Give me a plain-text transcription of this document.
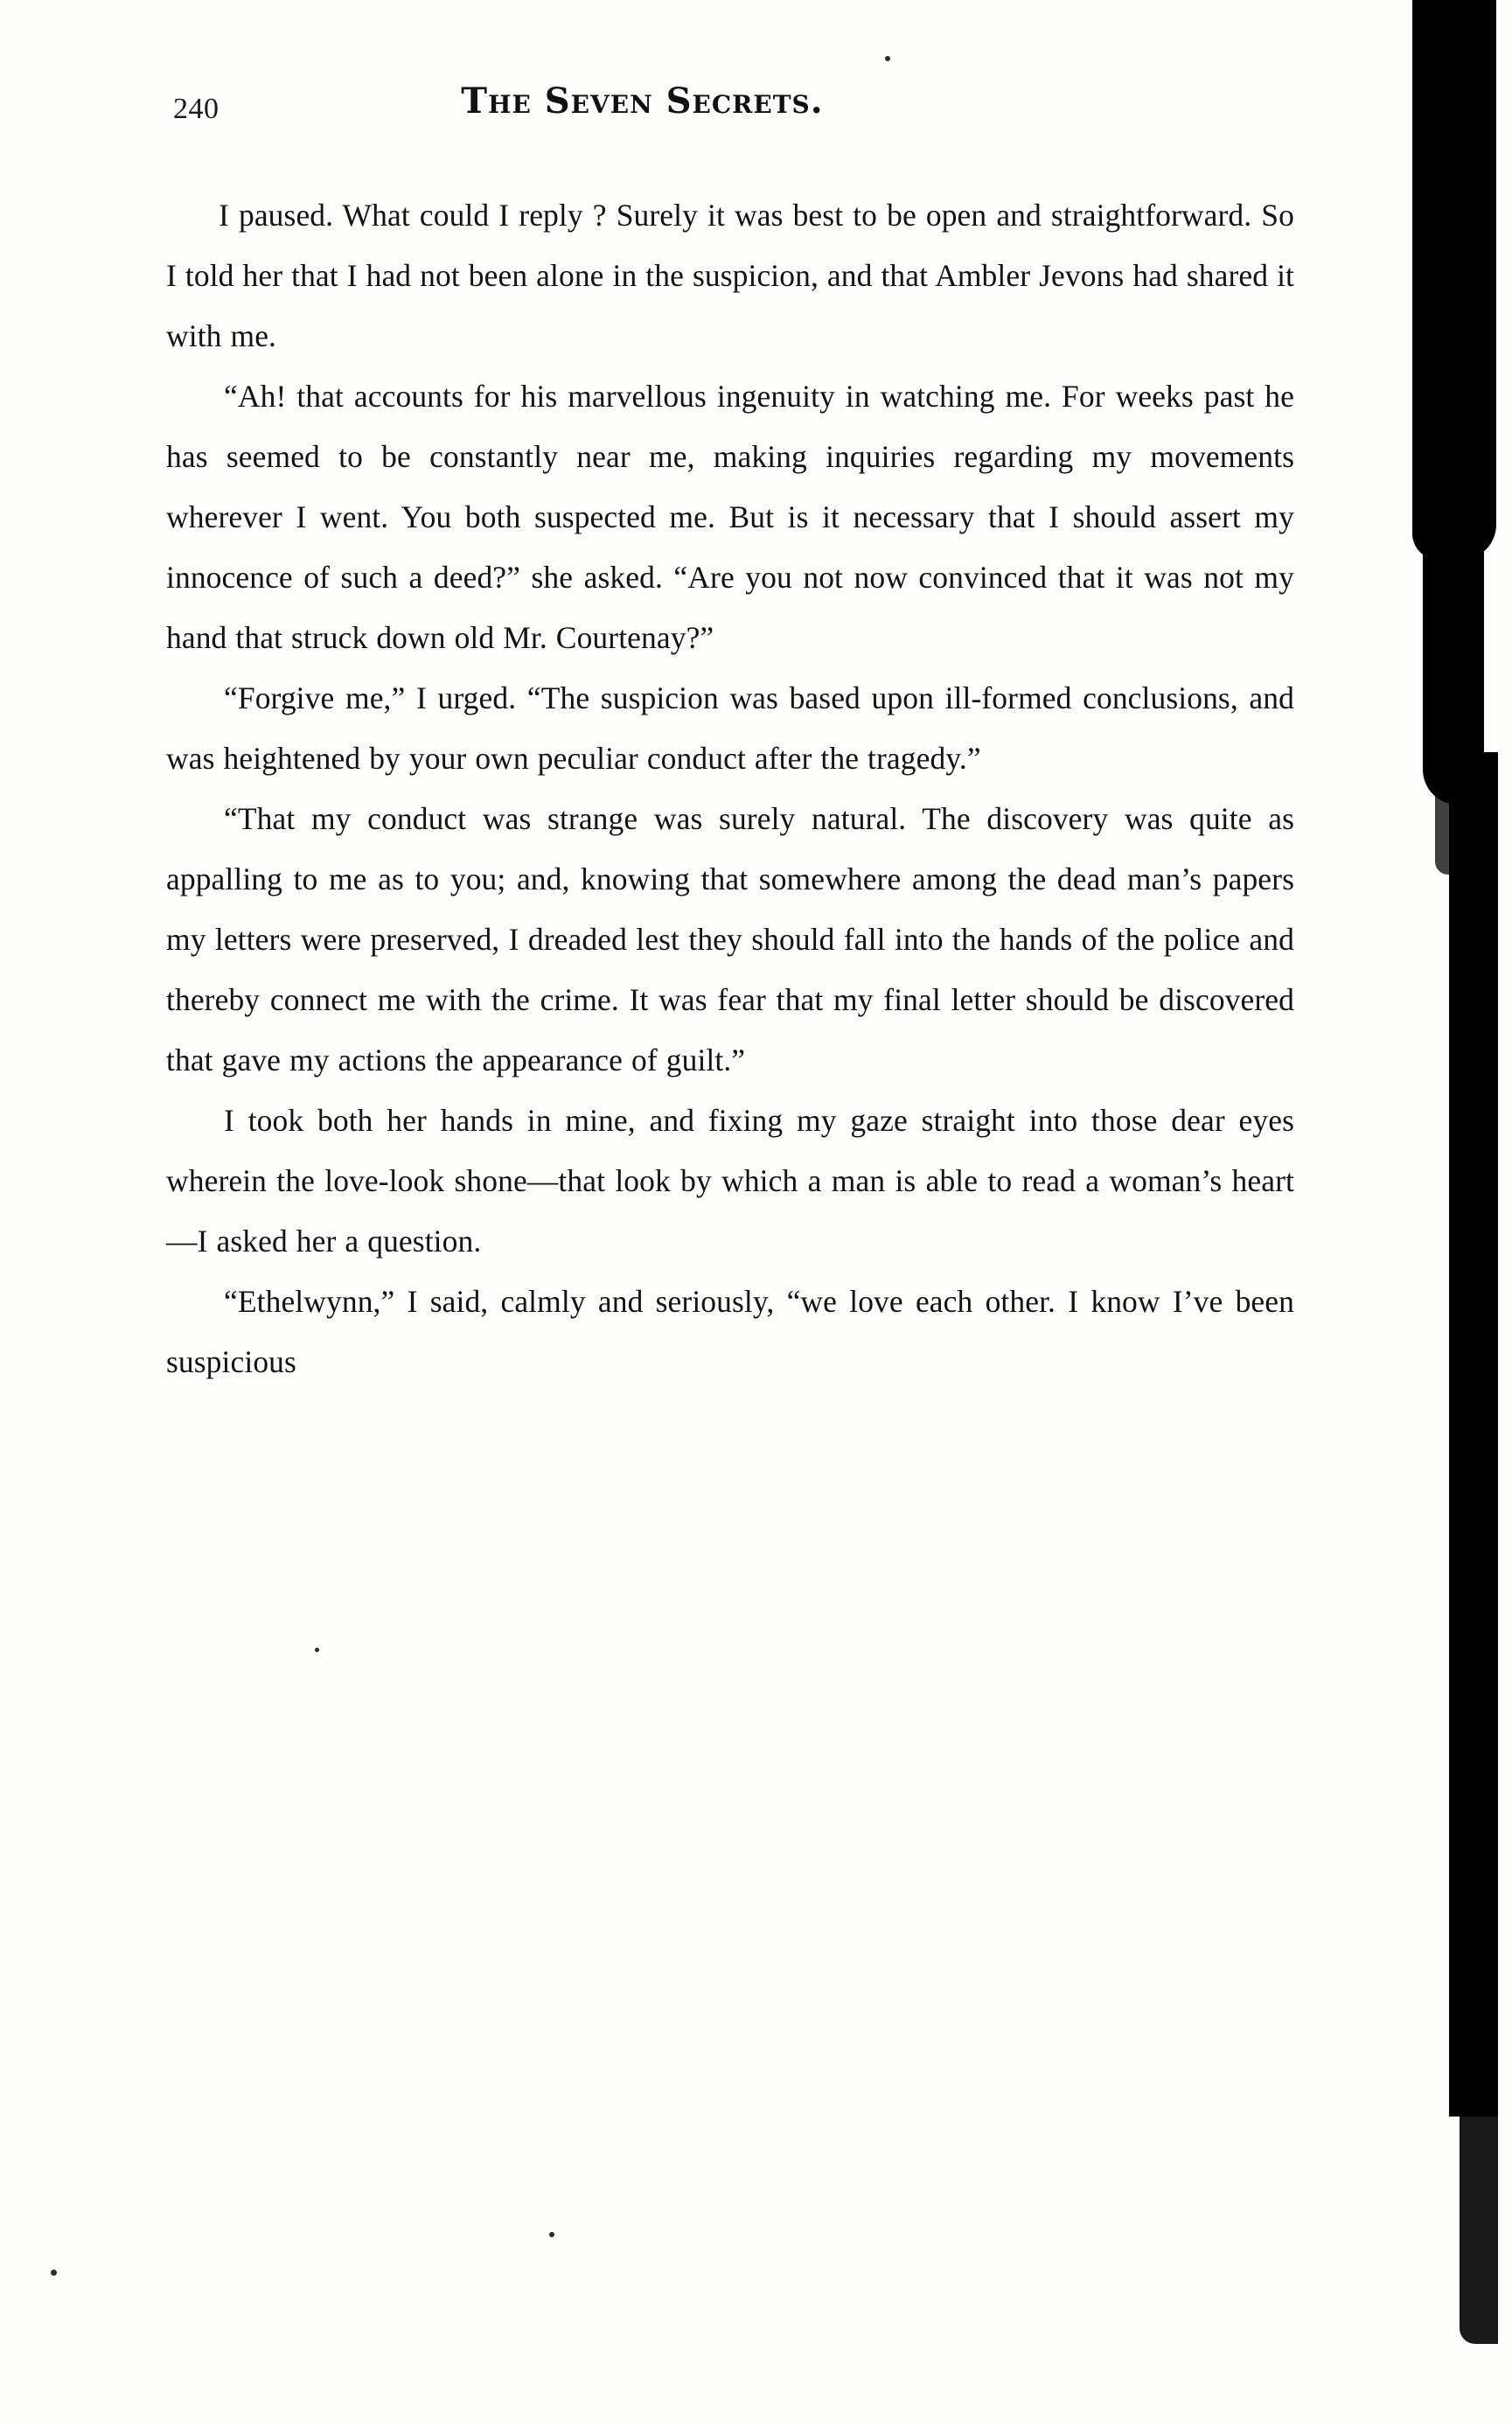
240	The Seven Secrets.

I paused. What could I reply ? Surely it was best to be open and straightforward. So I told her that I had not been alone in the suspicion, and that Ambler Jevons had shared it with me.

“Ah! that accounts for his marvellous ingenuity in watching me. For weeks past he has seemed to be constantly near me, making inquiries regarding my movements wherever I went. You both suspected me. But is it necessary that I should assert my innocence of such a deed?” she asked. “Are you not now convinced that it was not my hand that struck down old Mr. Courtenay?”

“Forgive me,” I urged. “The suspicion was based upon ill-formed conclusions, and was heightened by your own peculiar conduct after the tragedy.”

“That my conduct was strange was surely natural. The discovery was quite as appalling to me as to you; and, knowing that somewhere among the dead man’s papers my letters were preserved, I dreaded lest they should fall into the hands of the police and thereby connect me with the crime. It was fear that my final letter should be discovered that gave my actions the appearance of guilt.”

I took both her hands in mine, and fixing my gaze straight into those dear eyes wherein the love-look shone—that look by which a man is able to read a woman’s heart—I asked her a question.

“Ethelwynn,” I said, calmly and seriously, “we love each other. I know I’ve been suspicious
